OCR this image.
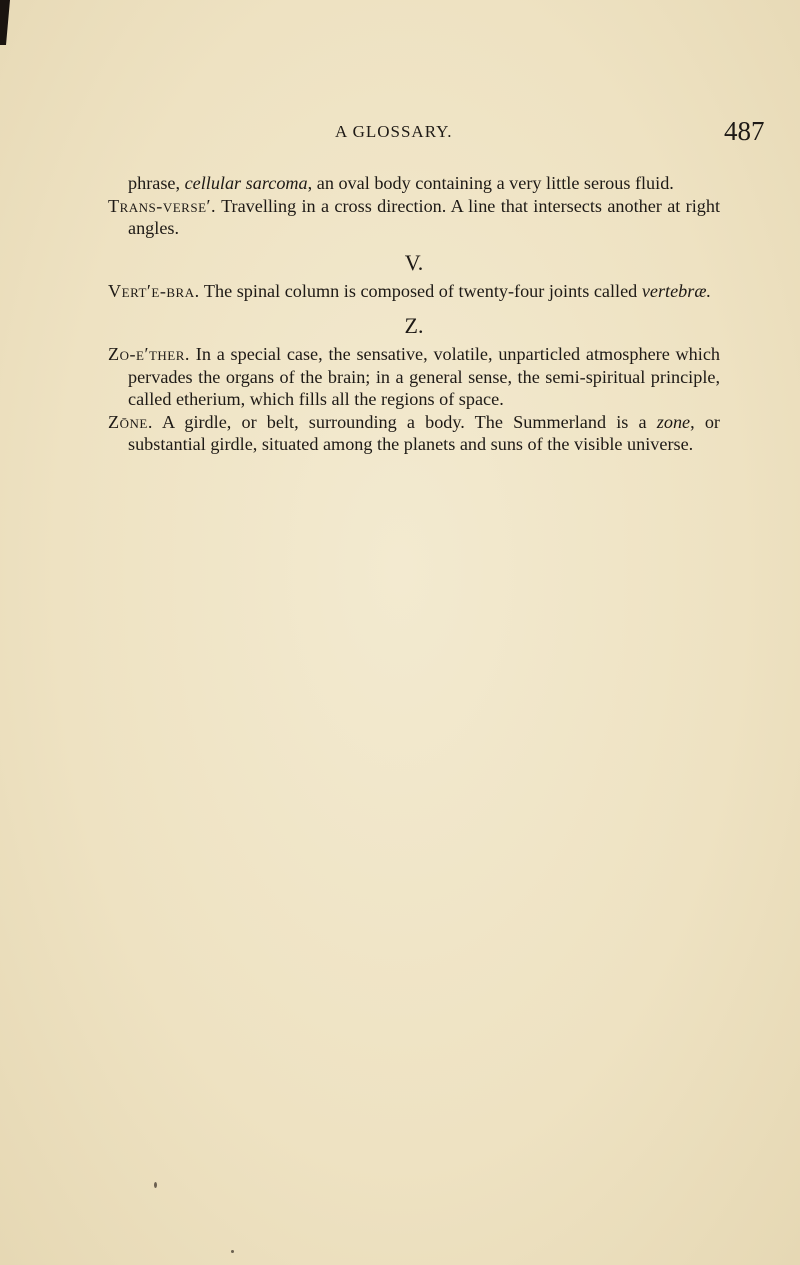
A GLOSSARY.	487

phrase, cellular sarcoma, an oval body containing a very little serous fluid.

Trans-verse′. Travelling in a cross direction. A line that intersects another at right angles.

V.

Vert′e-bra. The spinal column is composed of twenty-four joints called vertebræ.

Z.

Zo-e′ther. In a special case, the sensative, volatile, unparticled atmosphere which pervades the organs of the brain; in a general sense, the semi-spiritual principle, called etherium, which fills all the regions of space.

Zōne. A girdle, or belt, surrounding a body. The Summerland is a zone, or substantial girdle, situated among the planets and suns of the visible universe.
